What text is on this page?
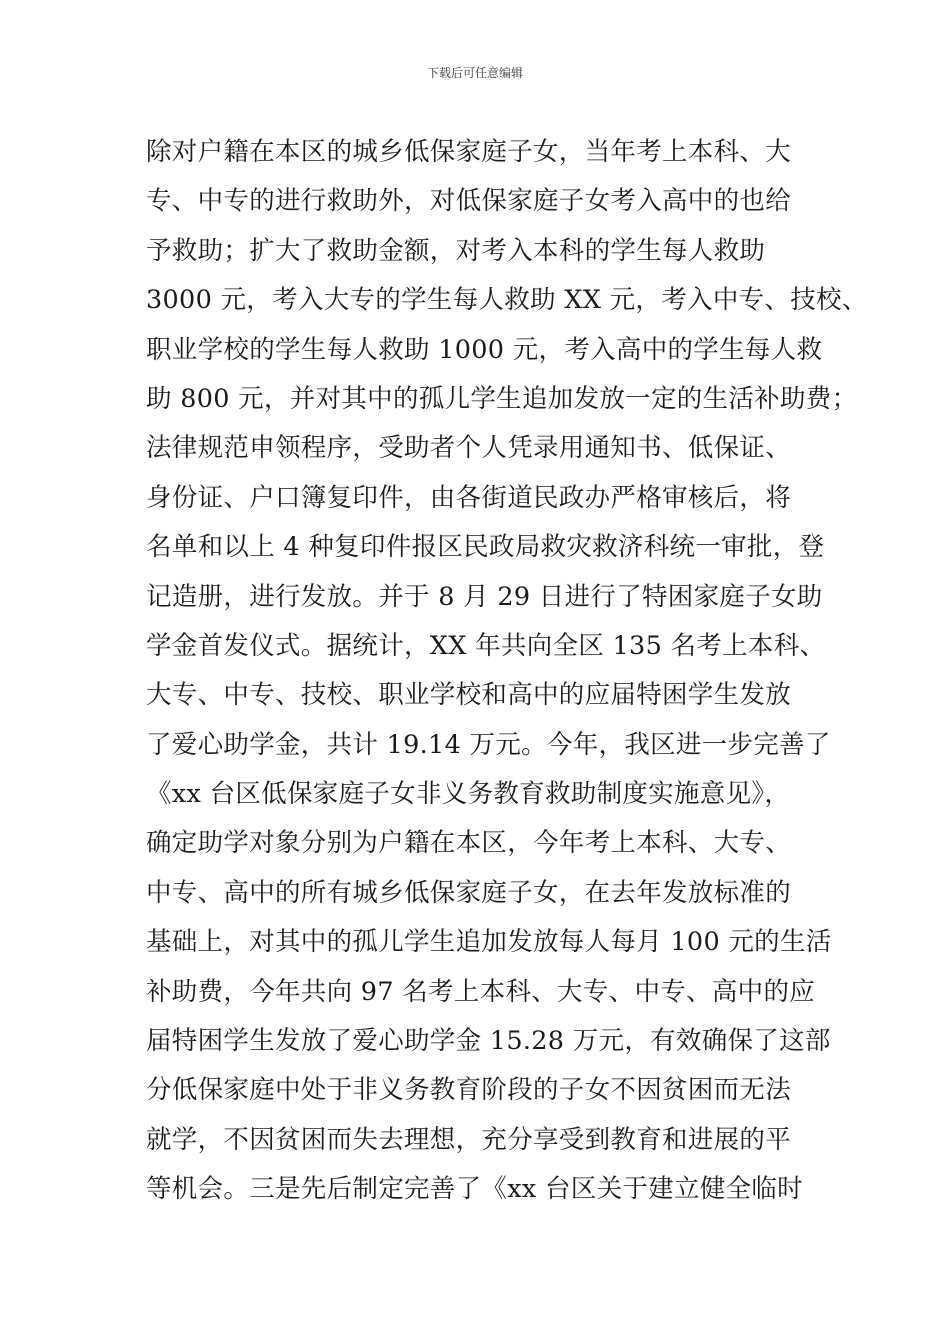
下载后可任意编辑
除对户籍在本区的城乡低保家庭子女，当年考上本科、大
专、中专的进行救助外，对低保家庭子女考入高中的也给
予救助；扩大了救助金额，对考入本科的学生每人救助
3000 元，考入大专的学生每人救助 XX 元，考入中专、技校、
职业学校的学生每人救助 1000 元，考入高中的学生每人救
助 800 元，并对其中的孤儿学生追加发放一定的生活补助费；
法律规范申领程序，受助者个人凭录用通知书、低保证、
身份证、户口簿复印件，由各街道民政办严格审核后，将
名单和以上 4 种复印件报区民政局救灾救济科统一审批，登
记造册，进行发放。并于 8 月 29 日进行了特困家庭子女助
学金首发仪式。据统计，XX 年共向全区 135 名考上本科、
大专、中专、技校、职业学校和高中的应届特困学生发放
了爱心助学金，共计 19.14 万元。今年，我区进一步完善了
《xx 台区低保家庭子女非义务教育救助制度实施意见》，
确定助学对象分别为户籍在本区，今年考上本科、大专、
中专、高中的所有城乡低保家庭子女，在去年发放标准的
基础上，对其中的孤儿学生追加发放每人每月 100 元的生活
补助费，今年共向 97 名考上本科、大专、中专、高中的应
届特困学生发放了爱心助学金 15.28 万元，有效确保了这部
分低保家庭中处于非义务教育阶段的子女不因贫困而无法
就学，不因贫困而失去理想，充分享受到教育和进展的平
等机会。三是先后制定完善了《xx 台区关于建立健全临时
